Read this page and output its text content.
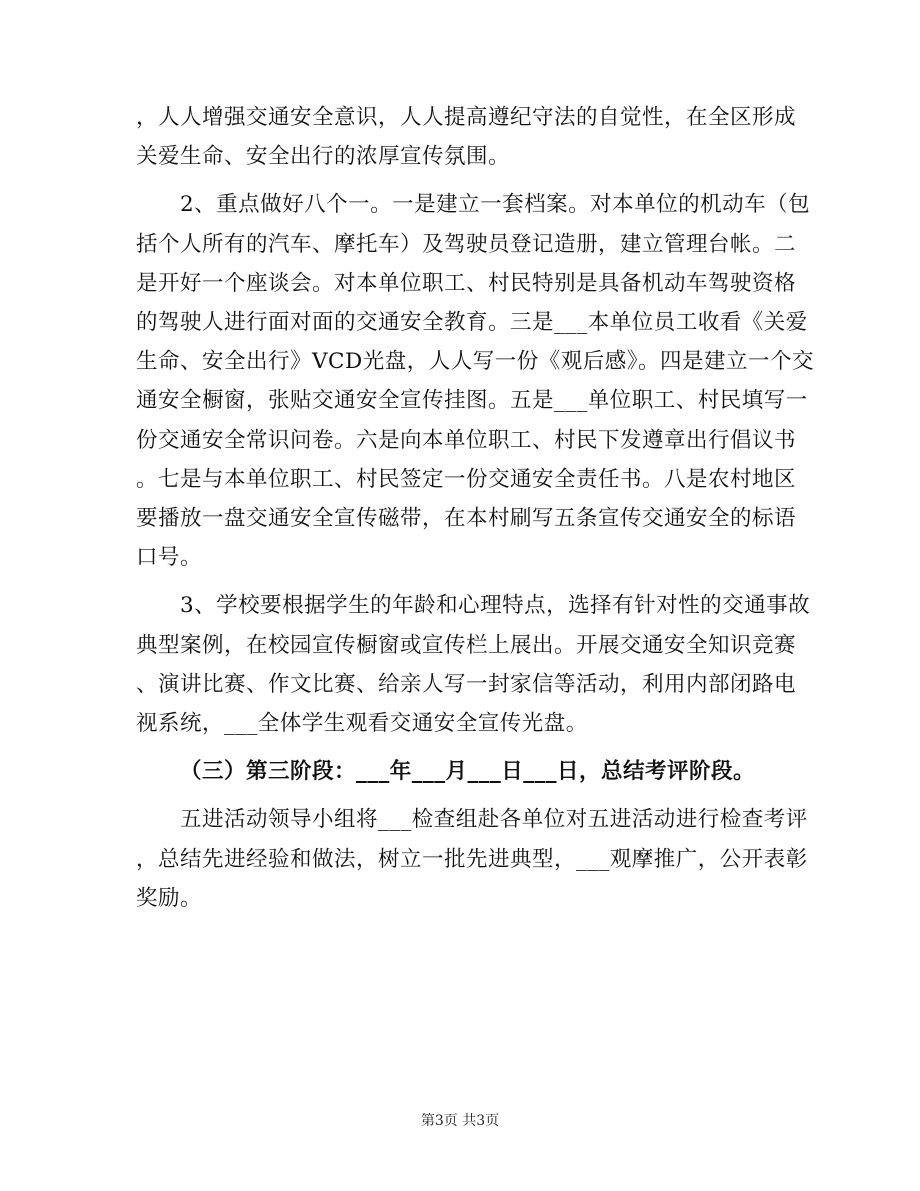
，人人增强交通安全意识，人人提高遵纪守法的自觉性，在全区形成
关爱生命、安全出行的浓厚宣传氛围。

2、重点做好八个一。一是建立一套档案。对本单位的机动车（包
括个人所有的汽车、摩托车）及驾驶员登记造册，建立管理台帐。二
是开好一个座谈会。对本单位职工、村民特别是具备机动车驾驶资格
的驾驶人进行面对面的交通安全教育。三是___本单位员工收看《关爱
生命、安全出行》VCD光盘，人人写一份《观后感》。四是建立一个交
通安全橱窗，张贴交通安全宣传挂图。五是___单位职工、村民填写一
份交通安全常识问卷。六是向本单位职工、村民下发遵章出行倡议书
。七是与本单位职工、村民签定一份交通安全责任书。八是农村地区
要播放一盘交通安全宣传磁带，在本村刷写五条宣传交通安全的标语
口号。

3、学校要根据学生的年龄和心理特点，选择有针对性的交通事故
典型案例，在校园宣传橱窗或宣传栏上展出。开展交通安全知识竞赛
、演讲比赛、作文比赛、给亲人写一封家信等活动，利用内部闭路电
视系统，___全体学生观看交通安全宣传光盘。

（三）第三阶段：___年___月___日___日，总结考评阶段。

五进活动领导小组将___检查组赴各单位对五进活动进行检查考评
，总结先进经验和做法，树立一批先进典型，___观摩推广，公开表彰
奖励。

第3页 共3页
